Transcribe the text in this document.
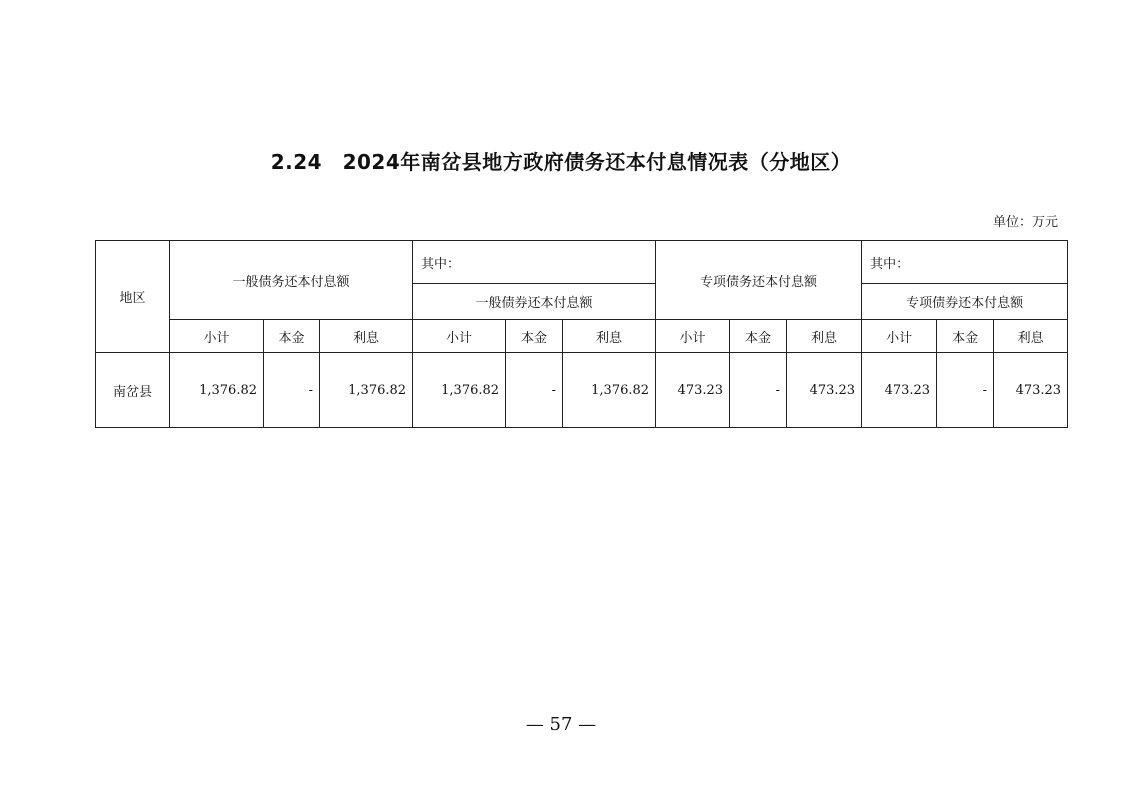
2.24　2024年南岔县地方政府债务还本付息情况表（分地区）
单位：万元
地区	一般债务还本付息额			其中：			专项债务还本付息额			其中：		
				一般债券还本付息额						专项债券还本付息额		
	小计	本金	利息	小计	本金	利息	小计	本金	利息	小计	本金	利息
南岔县	1,376.82	-	1,376.82	1,376.82	-	1,376.82	473.23	-	473.23	473.23	-	473.23
— 57 —
